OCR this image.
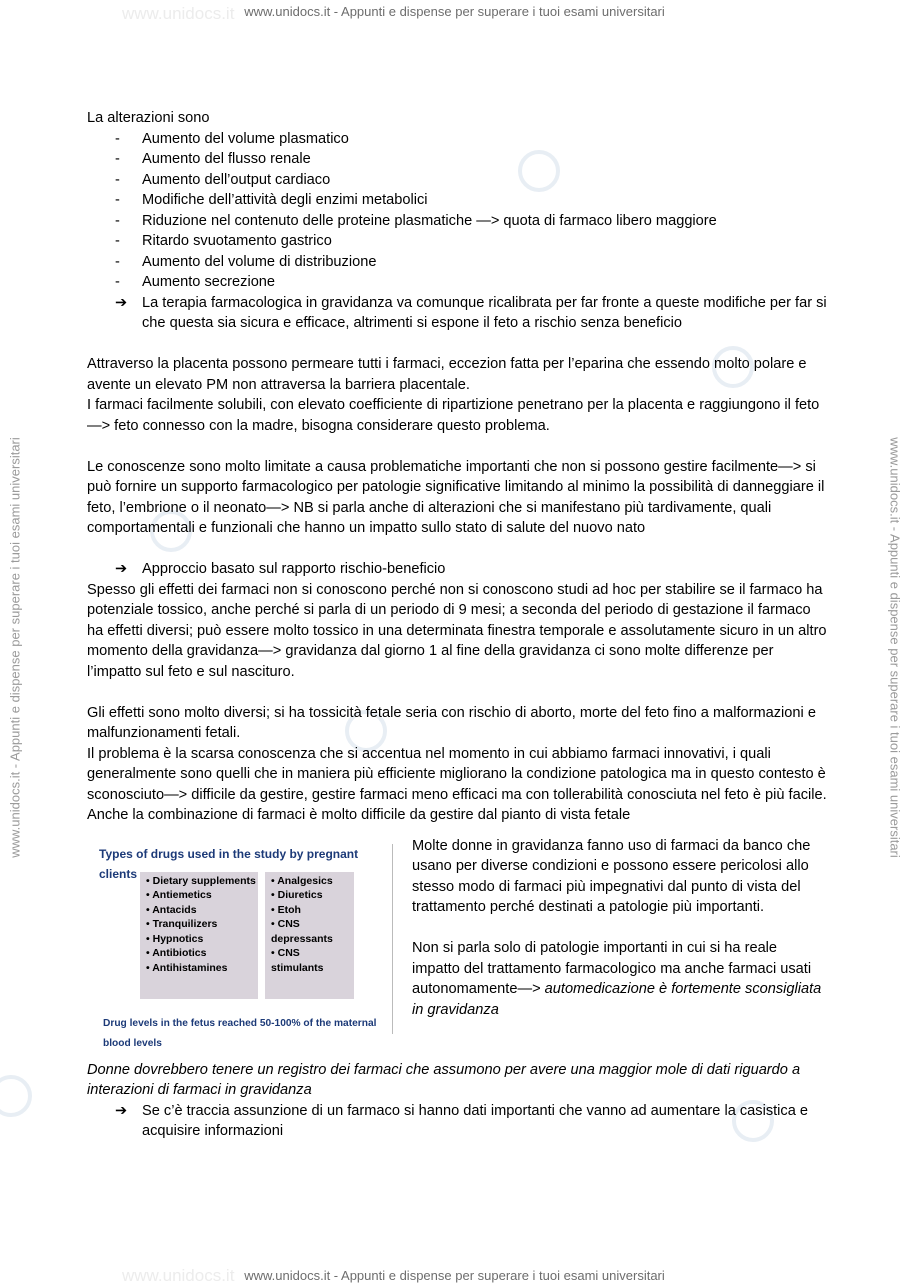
www.unidocs.it www.unidocs.it - Appunti e dispense per superare i tuoi esami universitari
www.unidocs.it www.unidocs.it - Appunti e dispense per superare i tuoi esami universitari
www.unidocs.it - Appunti e dispense per superare i tuoi esami universitari	www.unidocs.it - Appunti e dispense per superare i tuoi esami universitari

La alterazioni sono

- Aumento del volume plasmatico
- Aumento del flusso renale
- Aumento dell’output cardiaco
- Modifiche dell’attività degli enzimi metabolici
- Riduzione nel contenuto delle proteine plasmatiche —> quota di farmaco libero maggiore
- Ritardo svuotamento gastrico
- Aumento del volume di distribuzione
- Aumento secrezione
➔ La terapia farmacologica in gravidanza va comunque ricalibrata per far fronte a queste modifiche per far si che questa sia sicura e efficace, altrimenti si espone il feto a rischio senza beneficio

Attraverso la placenta possono permeare tutti i farmaci, eccezion fatta per l’eparina che essendo molto polare e avente un elevato PM non attraversa la barriera placentale.

I farmaci facilmente solubili, con elevato coefficiente di ripartizione penetrano per la placenta e raggiungono il feto—> feto connesso con la madre, bisogna considerare questo problema.

Le conoscenze sono molto limitate a causa problematiche importanti che non si possono gestire facilmente—> si può fornire un supporto farmacologico per patologie significative limitando al minimo la possibilità di danneggiare il feto, l’embrione o il neonato—> NB si parla anche di alterazioni che si manifestano più tardivamente, quali comportamentali e funzionali che hanno un impatto sullo stato di salute del nuovo nato

➔ Approccio basato sul rapporto rischio-beneficio

Spesso gli effetti dei farmaci non si conoscono perché non si conoscono studi ad hoc per stabilire se il farmaco ha potenziale tossico, anche perché si parla di un periodo di 9 mesi; a seconda del periodo di gestazione il farmaco ha effetti diversi; può essere molto tossico in una determinata finestra temporale e assolutamente sicuro in un altro momento della gravidanza—> gravidanza dal giorno 1 al fine della gravidanza ci sono molte differenze per l’impatto sul feto e sul nascituro.

Gli effetti sono molto diversi; si ha tossicità fetale seria con rischio di aborto, morte del feto fino a malformazioni e malfunzionamenti fetali.

Il problema è la scarsa conoscenza che si accentua nel momento in cui abbiamo farmaci innovativi, i quali generalmente sono quelli che in maniera più efficiente migliorano la condizione patologica ma in questo contesto è sconosciuto—> difficile da gestire, gestire farmaci meno efficaci ma con tollerabilità conosciuta nel feto è più facile.

Anche la combinazione di farmaci è molto difficile da gestire dal pianto di vista fetale

Types of drugs used in the study by pregnant clients • Dietary supplements
• Antiemetics
• Antacids
• Tranquilizers
• Hypnotics
• Antibiotics
• Antihistamines
• Analgesics
• Diuretics
• Etoh
• CNS depressants
• CNS stimulants
Drug levels in the fetus reached 50-100% of the maternal blood levels

Molte donne in gravidanza fanno uso di farmaci da banco che usano per diverse condizioni e possono essere pericolosi allo stesso modo di farmaci più impegnativi dal punto di vista del trattamento perché destinati a patologie più importanti.

Non si parla solo di patologie importanti in cui si ha reale impatto del trattamento farmacologico ma anche farmaci usati autonomamente—> automedicazione è fortemente sconsigliata in gravidanza

Donne dovrebbero tenere un registro dei farmaci che assumono per avere una maggior mole di dati riguardo a interazioni di farmaci in gravidanza

➔ Se c’è traccia assunzione di un farmaco si hanno dati importanti che vanno ad aumentare la casistica e acquisire informazioni
